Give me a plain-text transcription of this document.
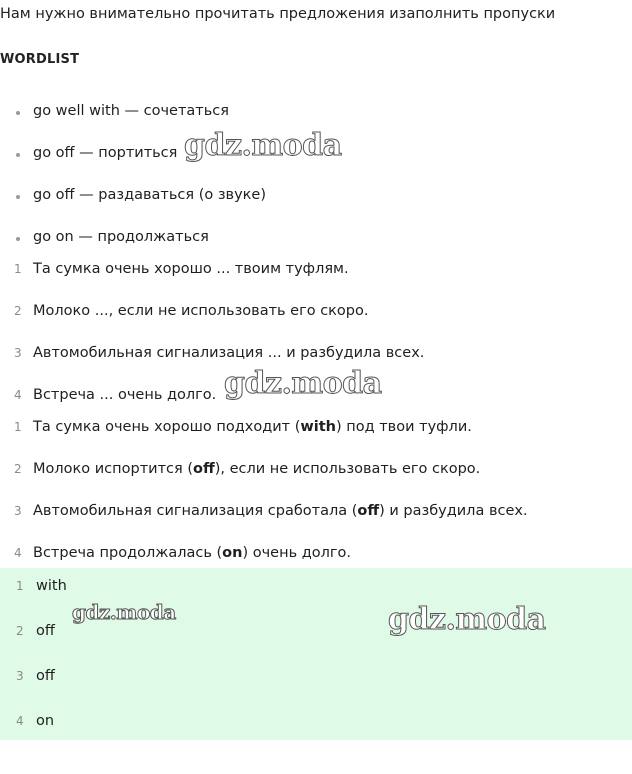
Нам нужно внимательно прочитать предложения изаполнить пропуски
WORDLIST
go well with — сочетаться
go off — портиться
go off — раздаваться (о звуке)
go on — продолжаться
1 Та сумка очень хорошо ... твоим туфлям.
2 Молоко ..., если не использовать его скоро.
3 Автомобильная сигнализация ... и разбудила всех.
4 Встреча ... очень долго.
1 Та сумка очень хорошо подходит (with) под твои туфли.
2 Молоко испортится (off), если не использовать его скоро.
3 Автомобильная сигнализация сработала (off) и разбудила всех.
4 Встреча продолжалась (on) очень долго.
1 with
2 off
3 off
4 on
gdz.moda
gdz.moda
gdz.moda	gdz.moda
